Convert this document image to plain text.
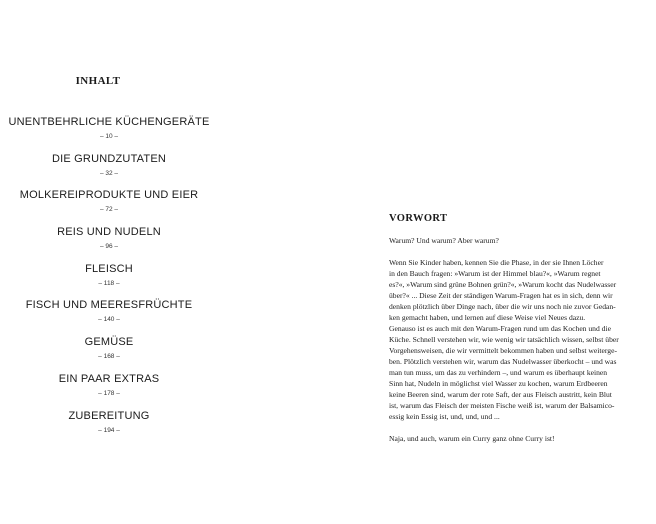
INHALT
UNENTBEHRLICHE KÜCHENGERÄTE
– 10 –
DIE GRUNDZUTATEN
– 32 –
MOLKEREIPRODUKTE UND EIER
– 72 –
REIS UND NUDELN
– 96 –
FLEISCH
– 118 –
FISCH UND MEERESFRÜCHTE
– 140 –
GEMÜSE
– 168 –
EIN PAAR EXTRAS
– 178 –
ZUBEREITUNG
– 194 –
VORWORT
Warum? Und warum? Aber warum?
Wenn Sie Kinder haben, kennen Sie die Phase, in der sie Ihnen Löcher
in den Bauch fragen: »Warum ist der Himmel blau?«, »Warum regnet
es?«, »Warum sind grüne Bohnen grün?«, »Warum kocht das Nudelwasser
über?« ... Diese Zeit der ständigen Warum-Fragen hat es in sich, denn wir
denken plötzlich über Dinge nach, über die wir uns noch nie zuvor Gedan-
ken gemacht haben, und lernen auf diese Weise viel Neues dazu.
Genauso ist es auch mit den Warum-Fragen rund um das Kochen und die
Küche. Schnell verstehen wir, wie wenig wir tatsächlich wissen, selbst über
Vorgehensweisen, die wir vermittelt bekommen haben und selbst weiterge-
ben. Plötzlich verstehen wir, warum das Nudelwasser überkocht – und was
man tun muss, um das zu verhindern –, und warum es überhaupt keinen
Sinn hat, Nudeln in möglichst viel Wasser zu kochen, warum Erdbeeren
keine Beeren sind, warum der rote Saft, der aus Fleisch austritt, kein Blut
ist, warum das Fleisch der meisten Fische weiß ist, warum der Balsamico-
essig kein Essig ist, und, und, und ...
Naja, und auch, warum ein Curry ganz ohne Curry ist!
